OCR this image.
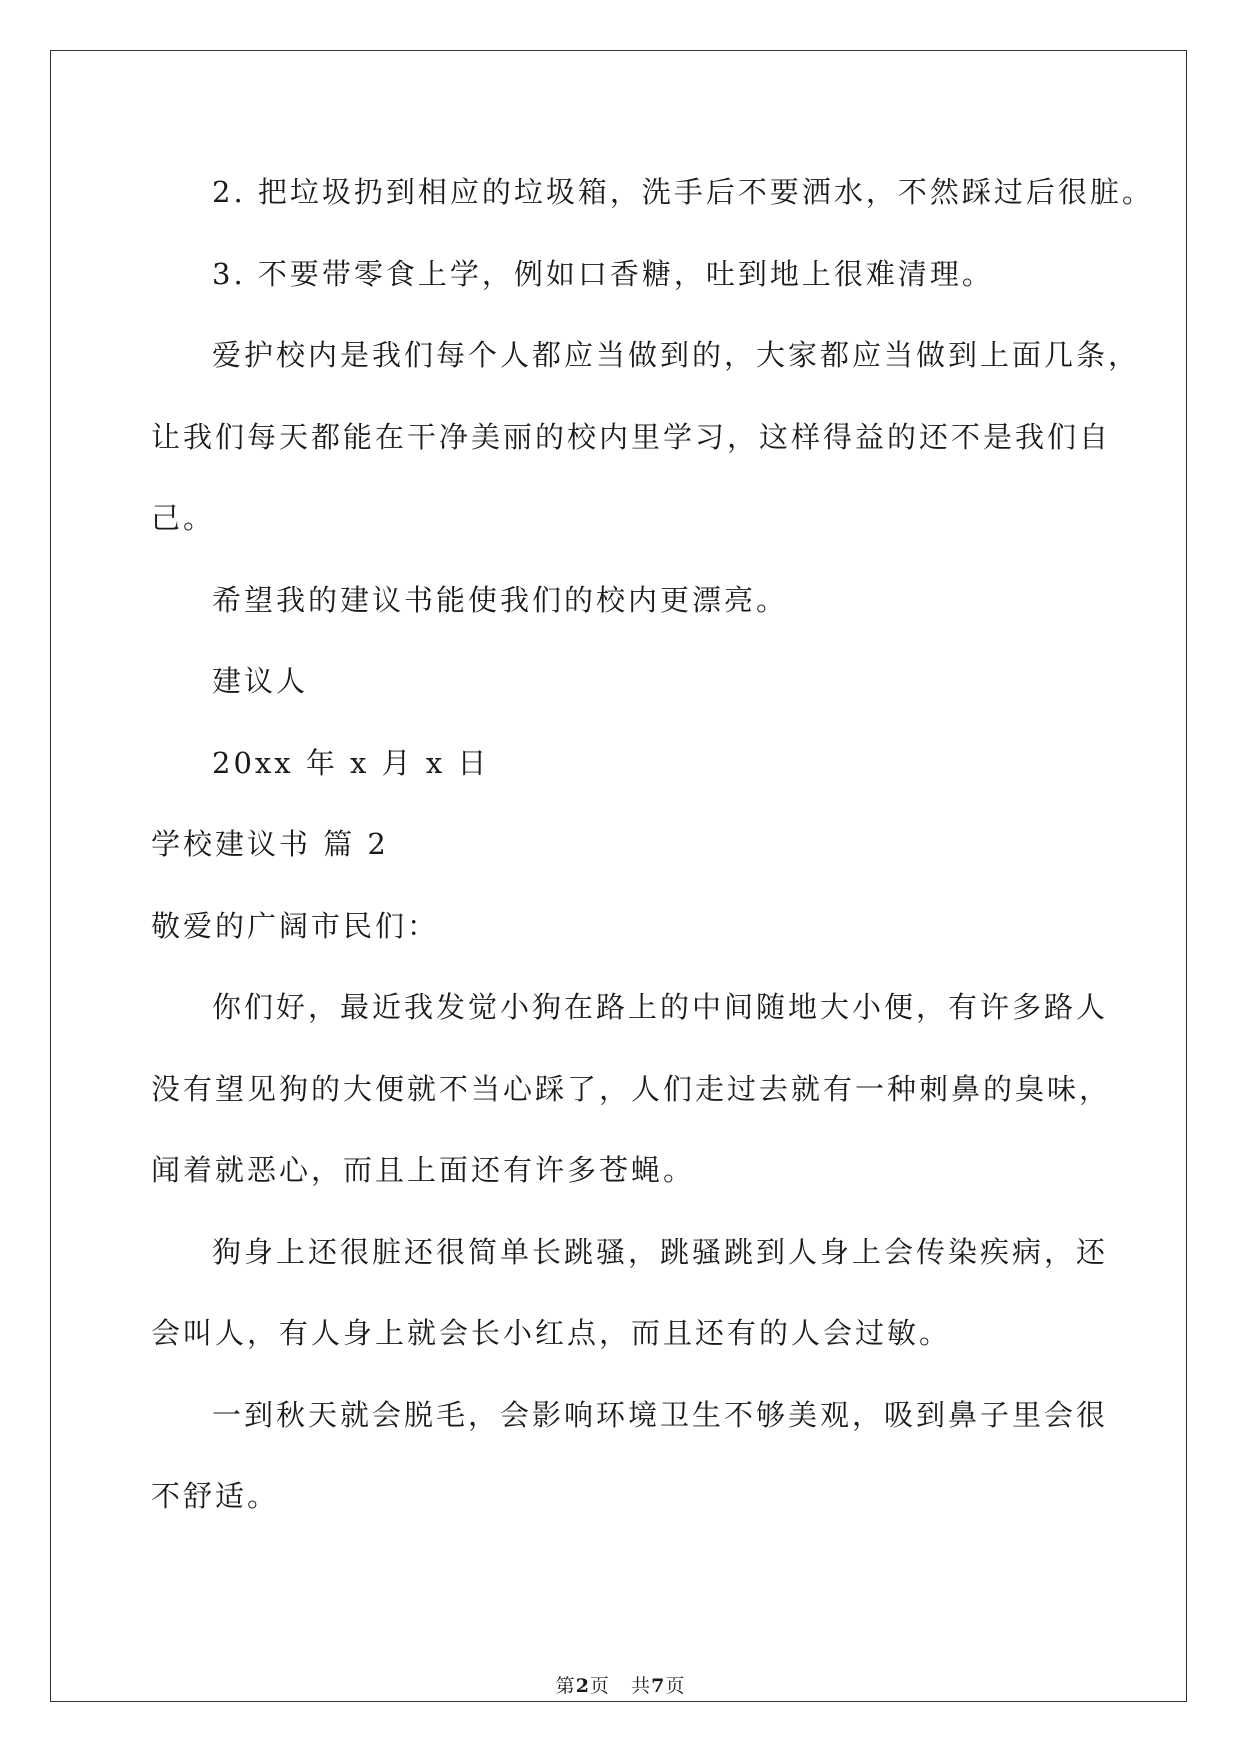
2. 把垃圾扔到相应的垃圾箱，洗手后不要洒水，不然踩过后很脏。
3. 不要带零食上学，例如口香糖，吐到地上很难清理。
爱护校内是我们每个人都应当做到的，大家都应当做到上面几条，
让我们每天都能在干净美丽的校内里学习，这样得益的还不是我们自
己。
希望我的建议书能使我们的校内更漂亮。
建议人
20xx 年 x 月 x 日
学校建议书 篇 2
敬爱的广阔市民们：
你们好，最近我发觉小狗在路上的中间随地大小便，有许多路人
没有望见狗的大便就不当心踩了，人们走过去就有一种刺鼻的臭味，
闻着就恶心，而且上面还有许多苍蝇。
狗身上还很脏还很简单长跳骚，跳骚跳到人身上会传染疾病，还
会叫人，有人身上就会长小红点，而且还有的人会过敏。
一到秋天就会脱毛，会影响环境卫生不够美观，吸到鼻子里会很
不舒适。
第2页 共7页
